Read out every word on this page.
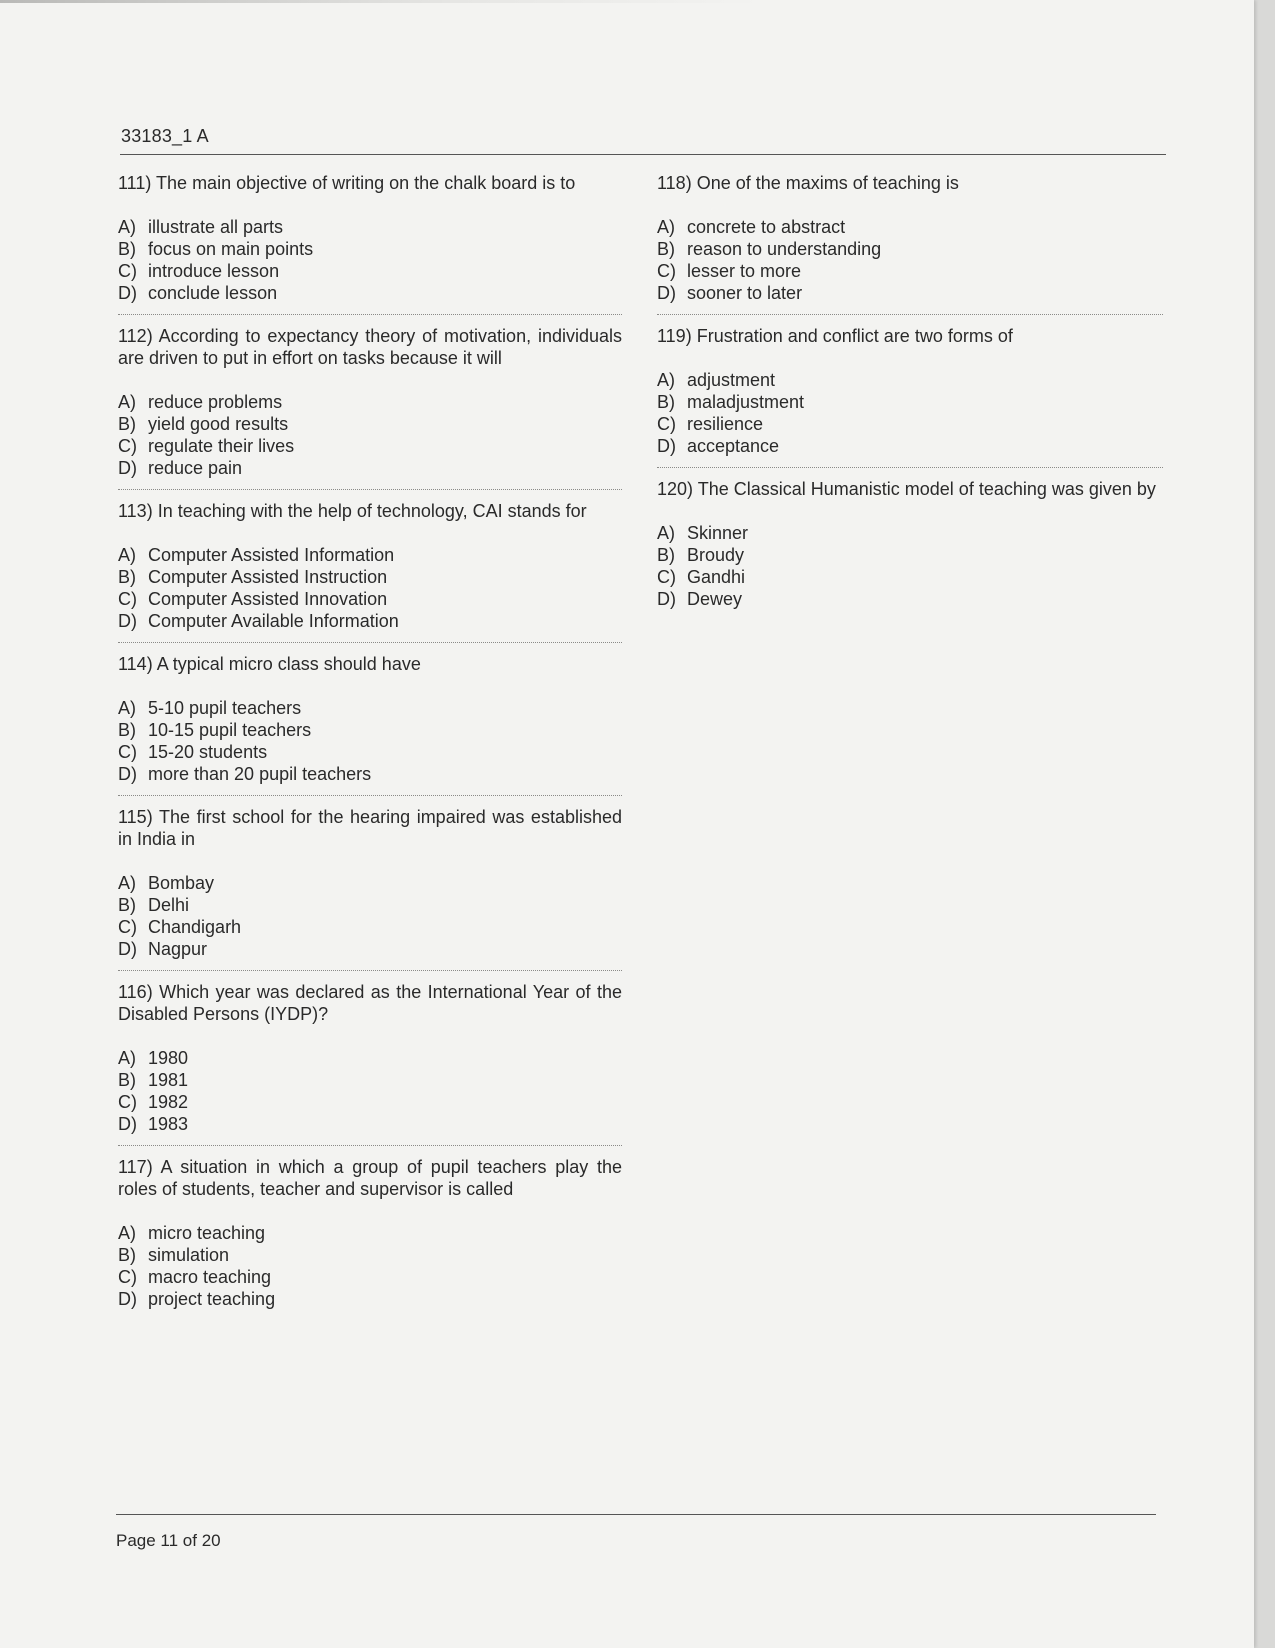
33183_1 A

111) The main objective of writing on the chalk board is to

A) illustrate all parts
B) focus on main points
C) introduce lesson
D) conclude lesson

112) According to expectancy theory of motivation, individuals are driven to put in effort on tasks because it will

A) reduce problems
B) yield good results
C) regulate their lives
D) reduce pain

113) In teaching with the help of technology, CAI stands for

A) Computer Assisted Information
B) Computer Assisted Instruction
C) Computer Assisted Innovation
D) Computer Available Information

114) A typical micro class should have

A) 5-10 pupil teachers
B) 10-15 pupil teachers
C) 15-20 students
D) more than 20 pupil teachers

115) The first school for the hearing impaired was established in India in

A) Bombay
B) Delhi
C) Chandigarh
D) Nagpur

116) Which year was declared as the International Year of the Disabled Persons (IYDP)?

A) 1980
B) 1981
C) 1982
D) 1983

117) A situation in which a group of pupil teachers play the roles of students, teacher and supervisor is called

A) micro teaching
B) simulation
C) macro teaching
D) project teaching

118) One of the maxims of teaching is

A) concrete to abstract
B) reason to understanding
C) lesser to more
D) sooner to later

119) Frustration and conflict are two forms of

A) adjustment
B) maladjustment
C) resilience
D) acceptance

120) The Classical Humanistic model of teaching was given by

A) Skinner
B) Broudy
C) Gandhi
D) Dewey
Page 11 of 20
